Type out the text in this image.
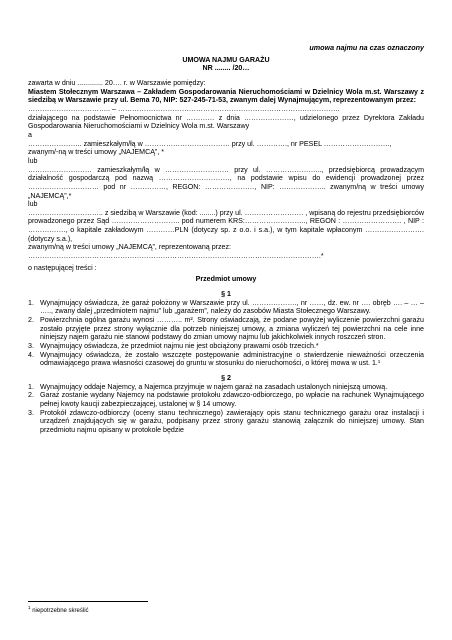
umowa najmu na czas oznaczony

UMOWA NAJMU GARAŻU

NR ........ /20…

zawarta w dniu ............. 20…. r. w Warszawie pomiędzy:

Miastem Stołecznym Warszawa – Zakładem Gospodarowania Nieruchomościami w Dzielnicy Wola m.st. Warszawy z siedzibą w Warszawie przy ul. Bema 70, NIP: 527-245-71-53, zwanym dalej Wynajmującym, reprezentowanym przez:

…………………………….. – ………………………………………………………………………………….

działającego na podstawie Pełnomocnictwa nr ………… z dnia …………………, udzielonego przez Dyrektora Zakładu Gospodarowania Nieruchomościami w Dzielnicy Wola m.st. Warszawy

a

………………….. zamieszkałym/łą w ……………………………… przy ul. …………., nr PESEL ……………………….,

zwanym/-ną w treści umowy „NAJEMCĄ”, *

lub

……………………… zamieszkałym/łą w ……………………… przy ul. …………………..., przedsiębiorcą prowadzącym działalność gospodarczą pod nazwą …………………………, na podstawie wpisu do ewidencji prowadzonej przez ………………………… pod nr ……………, REGON: …………………, NIP: ……………….. zwanym/ną w treści umowy „NAJEMCĄ”,*

lub

………………………….. z siedzibą w Warszawie (kod: ........) przy ul. ……………………. , wpisaną do rejestru przedsiębiorców prowadzonego przez Sąd ……………………….. pod numerem KRS:…………………….., REGON : ……………………. , NIP : ……………., o kapitale zakładowym …………PLN (dotyczy sp. z o.o. i s.a.), w tym kapitale wpłaconym ……………………. (dotyczy s.a.),

zwanym/ną w treści umowy „NAJEMCĄ”, reprezentowaną przez:

…………………………………………………………………………………………………………….*

o następującej treści :

Przedmiot umowy

§ 1

1. Wynajmujący oświadcza, że garaż położony w Warszawie przy ul. ………………., nr ……, dz. ew. nr …. obręb …. – … – ….., zwany dalej „przedmiotem najmu” lub „garażem”, należy do zasobów Miasta Stołecznego Warszawy.
2. Powierzchnia ogólna garażu wynosi ……….. m². Strony oświadczają, że podane powyżej wyliczenie powierzchni garażu zostało przyjęte przez strony wyłącznie dla potrzeb niniejszej umowy, a zmiana wyliczeń tej powierzchni na cele inne niniejszy najem garażu nie stanowi podstawy do zmian umowy najmu lub jakichkolwiek innych roszczeń stron.
3. Wynajmujący oświadcza, że przedmiot najmu nie jest obciążony prawami osób trzecich.*
4. Wynajmujący oświadcza, że zostało wszczęte postępowanie administracyjne o stwierdzenie nieważności orzeczenia odmawiającego prawa własności czasowej do gruntu w stosunku do nieruchomości, o której mowa w ust. 1.¹

§ 2

1. Wynajmujący oddaje Najemcy, a Najemca przyjmuje w najem garaż na zasadach ustalonych niniejszą umową.
2. Garaż zostanie wydany Najemcy na podstawie protokołu zdawczo-odbiorczego, po wpłacie na rachunek Wynajmującego pełnej kwoty kaucji zabezpieczającej, ustalonej w § 14 umowy.
3. Protokół zdawczo-odbiorczy (oceny stanu technicznego) zawierający opis stanu technicznego garażu oraz instalacji i urządzeń znajdujących się w garażu, podpisany przez strony garażu stanowią załącznik do niniejszej umowy. Stan przedmiotu najmu opisany w protokole będzie
$^1$ niepotrzebne skreślić
